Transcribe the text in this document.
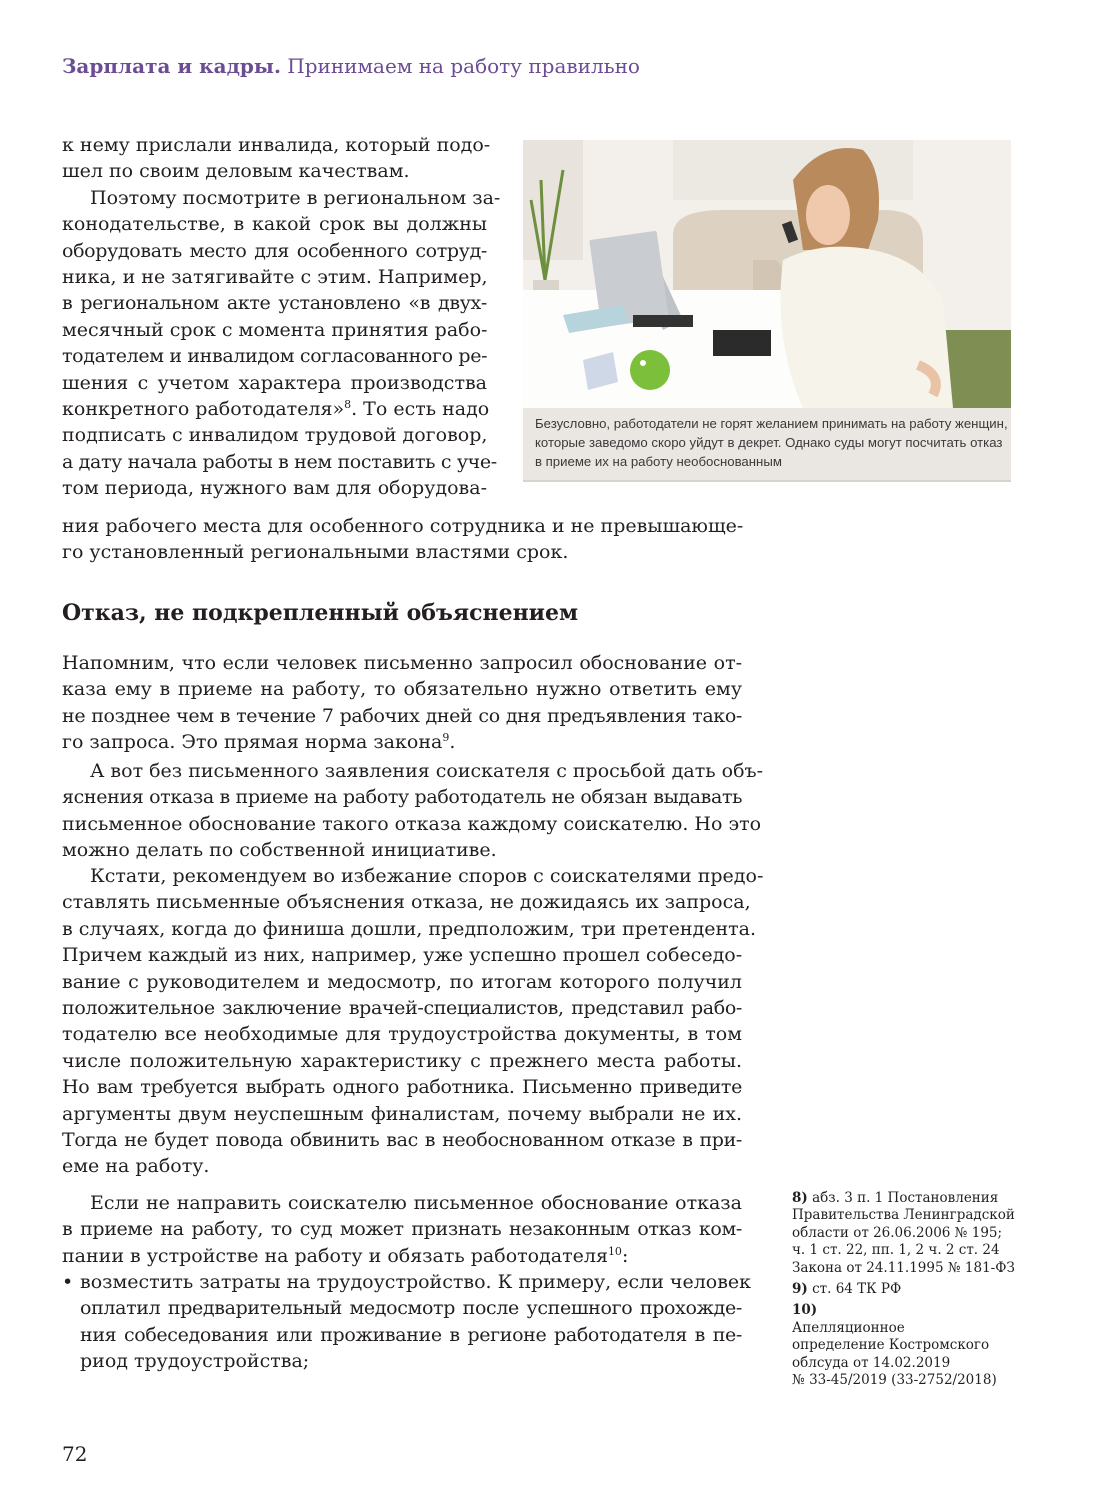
Зарплата и кадры. Принимаем на работу правильно
к нему прислали инвалида, который подо-
шел по своим деловым качествам.
Поэтому посмотрите в региональном за-
конодательстве, в какой срок вы должны
оборудовать место для особенного сотруд-
ника, и не затягивайте с этим. Например,
в региональном акте установлено «в двух-
месячный срок с момента принятия рабо-
тодателем и инвалидом согласованного ре-
шения с учетом характера производства
конкретного работодателя»$^8$. То есть надо
подписать с инвалидом трудовой договор,
а дату начала работы в нем поставить с уче-
том периода, нужного вам для оборудова-
ния рабочего места для особенного сотрудника и не превышающе-
го установленный региональными властями срок.
Безусловно, работодатели не горят желанием принимать на работу женщин,
которые заведомо скоро уйдут в декрет. Однако суды могут посчитать отказ
в приеме их на работу необоснованным
Отказ, не подкрепленный объяснением
Напомним, что если человек письменно запросил обоснование от-
каза ему в приеме на работу, то обязательно нужно ответить ему
не позднее чем в течение 7 рабочих дней со дня предъявления тако-
го запроса. Это прямая норма закона$^9$.
А вот без письменного заявления соискателя с просьбой дать объ-
яснения отказа в приеме на работу работодатель не обязан выдавать
письменное обоснование такого отказа каждому соискателю. Но это
можно делать по собственной инициативе.
Кстати, рекомендуем во избежание споров с соискателями предо-
ставлять письменные объяснения отказа, не дожидаясь их запроса,
в случаях, когда до финиша дошли, предположим, три претендента.
Причем каждый из них, например, уже успешно прошел собеседо-
вание с руководителем и медосмотр, по итогам которого получил
положительное заключение врачей-специалистов, представил рабо-
тодателю все необходимые для трудоустройства документы, в том
числе положительную характеристику с прежнего места работы.
Но вам требуется выбрать одного работника. Письменно приведите
аргументы двум неуспешным финалистам, почему выбрали не их.
Тогда не будет повода обвинить вас в необоснованном отказе в при-
еме на работу.
Если не направить соискателю письменное обоснование отказа
в приеме на работу, то суд может признать незаконным отказ ком-
пании в устройстве на работу и обязать работодателя$^{10}$:
• возместить затраты на трудоустройство. К примеру, если человек
оплатил предварительный медосмотр после успешного прохожде-
ния собеседования или проживание в регионе работодателя в пе-
риод трудоустройства;
8) абз. 3 п. 1 Постановления
Правительства Ленинградской
области от 26.06.2006 № 195;
ч. 1 ст. 22, пп. 1, 2 ч. 2 ст. 24
Закона от 24.11.1995 № 181-ФЗ
9) ст. 64 ТК РФ
10)
Апелляционное
определение Костромского
облсуда от 14.02.2019
№ 33-45/2019 (33-2752/2018)
72
